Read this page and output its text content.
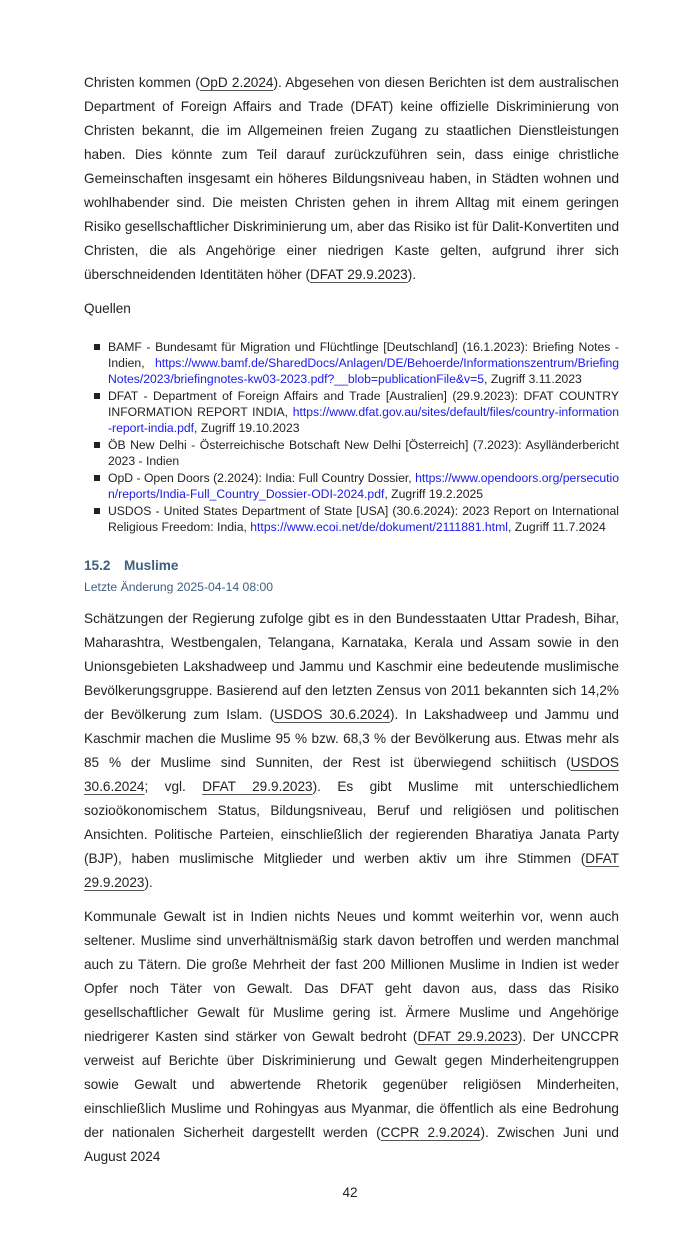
Christen kommen (OpD 2.2024). Abgesehen von diesen Berichten ist dem australischen Department of Foreign Affairs and Trade (DFAT) keine offizielle Diskriminierung von Christen bekannt, die im Allgemeinen freien Zugang zu staatlichen Dienstleistungen haben. Dies könnte zum Teil darauf zurückzuführen sein, dass einige christliche Gemeinschaften insgesamt ein höheres Bildungsniveau haben, in Städten wohnen und wohlhabender sind. Die meisten Christen gehen in ihrem Alltag mit einem geringen Risiko gesellschaftlicher Diskriminierung um, aber das Risiko ist für Dalit-Konvertiten und Christen, die als Angehörige einer niedrigen Kaste gelten, aufgrund ihrer sich überschneidenden Identitäten höher (DFAT 29.9.2023).

Quellen
BAMF - Bundesamt für Migration und Flüchtlinge [Deutschland] (16.1.2023): Briefing Notes - Indien, https://www.bamf.de/SharedDocs/Anlagen/DE/Behoerde/Informationszentrum/BriefingNotes/2023/briefingnotes-kw03-2023.pdf?__blob=publicationFile&v=5, Zugriff 3.11.2023
DFAT - Department of Foreign Affairs and Trade [Australien] (29.9.2023): DFAT COUNTRY INFORMATION REPORT INDIA, https://www.dfat.gov.au/sites/default/files/country-information-report-india.pdf, Zugriff 19.10.2023
ÖB New Delhi - Österreichische Botschaft New Delhi [Österreich] (7.2023): Asylländerbericht 2023 - Indien
OpD - Open Doors (2.2024): India: Full Country Dossier, https://www.opendoors.org/persecution/reports/India-Full_Country_Dossier-ODI-2024.pdf, Zugriff 19.2.2025
USDOS - United States Department of State [USA] (30.6.2024): 2023 Report on International Religious Freedom: India, https://www.ecoi.net/de/dokument/2111881.html, Zugriff 11.7.2024
15.2 Muslime
Letzte Änderung 2025-04-14 08:00

Schätzungen der Regierung zufolge gibt es in den Bundesstaaten Uttar Pradesh, Bihar, Maharashtra, Westbengalen, Telangana, Karnataka, Kerala und Assam sowie in den Unionsgebieten Lakshadweep und Jammu und Kaschmir eine bedeutende muslimische Bevölkerungsgruppe. Basierend auf den letzten Zensus von 2011 bekannten sich 14,2% der Bevölkerung zum Islam. (USDOS 30.6.2024). In Lakshadweep und Jammu und Kaschmir machen die Muslime 95 % bzw. 68,3 % der Bevölkerung aus. Etwas mehr als 85 % der Muslime sind Sunniten, der Rest ist überwiegend schiitisch (USDOS 30.6.2024; vgl. DFAT 29.9.2023). Es gibt Muslime mit unterschiedlichem sozioökonomischem Status, Bildungsniveau, Beruf und religiösen und politischen Ansichten. Politische Parteien, einschließlich der regierenden Bharatiya Janata Party (BJP), haben muslimische Mitglieder und werben aktiv um ihre Stimmen (DFAT 29.9.2023).

Kommunale Gewalt ist in Indien nichts Neues und kommt weiterhin vor, wenn auch seltener. Muslime sind unverhältnismäßig stark davon betroffen und werden manchmal auch zu Tätern. Die große Mehrheit der fast 200 Millionen Muslime in Indien ist weder Opfer noch Täter von Gewalt. Das DFAT geht davon aus, dass das Risiko gesellschaftlicher Gewalt für Muslime gering ist. Ärmere Muslime und Angehörige niedrigerer Kasten sind stärker von Gewalt bedroht (DFAT 29.9.2023). Der UNCCPR verweist auf Berichte über Diskriminierung und Gewalt gegen Minderheitengruppen sowie Gewalt und abwertende Rhetorik gegenüber religiösen Minderheiten, einschließlich Muslime und Rohingyas aus Myanmar, die öffentlich als eine Bedrohung der nationalen Sicherheit dargestellt werden (CCPR 2.9.2024). Zwischen Juni und August 2024

42
